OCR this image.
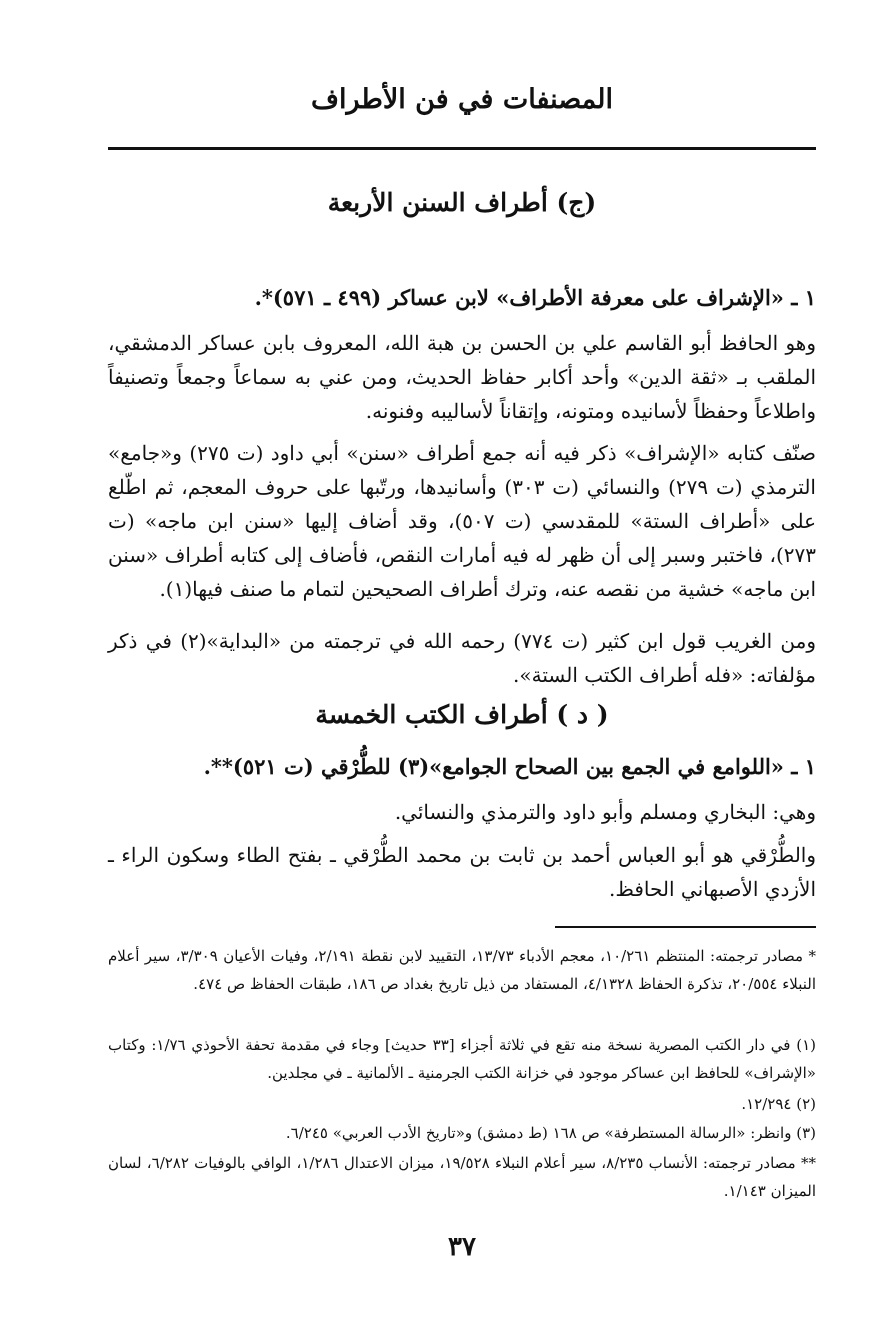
المصنفات في فن الأطراف
(ج) أطراف السنن الأربعة
١ ـ «الإشراف على معرفة الأطراف» لابن عساكر (٤٩٩ ـ ٥٧١)*.
وهو الحافظ أبو القاسم علي بن الحسن بن هبة الله، المعروف بابن عساكر الدمشقي، الملقب بـ «ثقة الدين» وأحد أكابر حفاظ الحديث، ومن عني به سماعاً وجمعاً وتصنيفاً واطلاعاً وحفظاً لأسانيده ومتونه، وإتقاناً لأساليبه وفنونه.
صنّف كتابه «الإشراف» ذكر فيه أنه جمع أطراف «سنن» أبي داود (ت ٢٧٥) و«جامع» الترمذي (ت ٢٧٩) والنسائي (ت ٣٠٣) وأسانيدها، ورتّبها على حروف المعجم، ثم اطّلع على «أطراف الستة» للمقدسي (ت ٥٠٧)، وقد أضاف إليها «سنن ابن ماجه» (ت ٢٧٣)، فاختبر وسبر إلى أن ظهر له فيه أمارات النقص، فأضاف إلى كتابه أطراف «سنن ابن ماجه» خشية من نقصه عنه، وترك أطراف الصحيحين لتمام ما صنف فيها(١).
ومن الغريب قول ابن كثير (ت ٧٧٤) رحمه الله في ترجمته من «البداية»(٢) في ذكر مؤلفاته: «فله أطراف الكتب الستة».
( د ) أطراف الكتب الخمسة
١ ـ «اللوامع في الجمع بين الصحاح الجوامع»(٣) للطُّرْقي (ت ٥٢١)**.
وهي: البخاري ومسلم وأبو داود والترمذي والنسائي.
والطُّرْقي هو أبو العباس أحمد بن ثابت بن محمد الطُّرْقي ـ بفتح الطاء وسكون الراء ـ الأزدي الأصبهاني الحافظ.
* مصادر ترجمته: المنتظم ١٠/٢٦١، معجم الأدباء ١٣/٧٣، التقييد لابن نقطة ٢/١٩١، وفيات الأعيان ٣/٣٠٩، سير أعلام النبلاء ٢٠/٥٥٤، تذكرة الحفاظ ٤/١٣٢٨، المستفاد من ذيل تاريخ بغداد ص ١٨٦، طبقات الحفاظ ص ٤٧٤.
(١) في دار الكتب المصرية نسخة منه تقع في ثلاثة أجزاء [٣٣ حديث] وجاء في مقدمة تحفة الأحوذي ١/٧٦: وكتاب «الإشراف» للحافظ ابن عساكر موجود في خزانة الكتب الجرمنية ـ الألمانية ـ في مجلدين.
(٢) ١٢/٢٩٤.
(٣) وانظر: «الرسالة المستطرفة» ص ١٦٨ (ط دمشق) و«تاريخ الأدب العربي» ٦/٢٤٥.
** مصادر ترجمته: الأنساب ٨/٢٣٥، سير أعلام النبلاء ١٩/٥٢٨، ميزان الاعتدال ١/٢٨٦، الوافي بالوفيات ٦/٢٨٢، لسان الميزان ١/١٤٣.
٣٧
